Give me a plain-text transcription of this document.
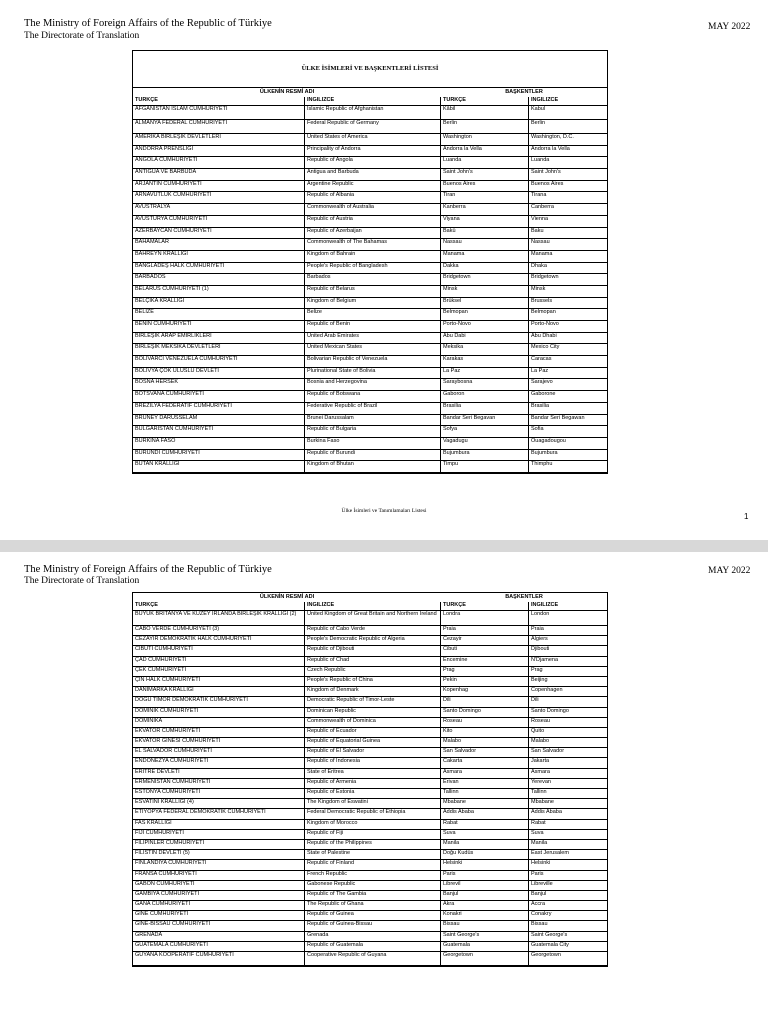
The Ministry of Foreign Affairs of the Republic of Türkiye
The Directorate of Translation
MAY 2022
ÜLKE İSİMLERİ VE BAŞKENTLERİ LİSTESİ
ÜLKENİN RESMİ ADI	BAŞKENTLER
TÜRKÇE	İNGİLİZCE	TÜRKÇE	İNGİLİZCE
AFGANİSTAN İSLAM CUMHURİYETİ	Islamic Republic of Afghanistan	Kâbil	Kabul
ALMANYA FEDERAL CUMHURİYETİ	Federal Republic of Germany	Berlin	Berlin
AMERİKA BİRLEŞİK DEVLETLERİ	United States of America	Washington	Washington, D.C.
ANDORRA PRENSLİĞİ	Principality of Andorra	Andorra la Vella	Andorra la Vella
ANGOLA CUMHURİYETİ	Republic of Angola	Luanda	Luanda
ANTİGUA VE BARBUDA	Antigua and Barbuda	Saint John's	Saint John's
ARJANTİN CUMHURİYETİ	Argentine Republic	Buenos Aires	Buenos Aires
ARNAVUTLUK CUMHURİYETİ	Republic of Albania	Tiran	Tirana
AVUSTRALYA	Commonwealth of Australia	Kanberra	Canberra
AVUSTURYA CUMHURİYETİ	Republic of Austria	Viyana	Vienna
AZERBAYCAN CUMHURİYETİ	Republic of Azerbaijan	Bakü	Baku
BAHAMALAR	Commonwealth of The Bahamas	Nassau	Nassau
BAHREYN KRALLIĞI	Kingdom of Bahrain	Manama	Manama
BANGLADEŞ HALK CUMHURİYETİ	People's Republic of Bangladesh	Dakka	Dhaka
BARBADOS	Barbados	Bridgetown	Bridgetown
BELARUS CUMHURİYETİ (1)	Republic of Belarus	Minsk	Minsk
BELÇİKA KRALLIĞI	Kingdom of Belgium	Brüksel	Brussels
BELİZE	Belize	Belmopan	Belmopan
BENİN CUMHURİYETİ	Republic of Benin	Porto-Novo	Porto-Novo
BİRLEŞİK ARAP EMİRLİKLERİ	United Arab Emirates	Abu Dabi	Abu Dhabi
BİRLEŞİK MEKSİKA DEVLETLERİ	United Mexican States	Meksika	Mexico City
BOLİVARCI VENEZUELA CUMHURİYETİ	Bolivarian Republic of Venezuela	Karakas	Caracas
BOLİVYA ÇOK ULUSLU DEVLETİ	Plurinational State of Bolivia	La Paz	La Paz
BOSNA HERSEK	Bosnia and Herzegovina	Saraybosna	Sarajevo
BOTSVANA CUMHURİYETİ	Republic of Botswana	Gaboron	Gaborone
BREZİLYA FEDERATİF CUMHURİYETİ	Federative Republic of Brazil	Brasilia	Brasilia
BRUNEY DARUSSELAM	Brunei Darussalam	Bandar Seri Begavan	Bandar Seri Begawan
BULGARİSTAN CUMHURİYETİ	Republic of Bulgaria	Sofya	Sofia
BURKİNA FASO	Burkina Faso	Vagadugu	Ouagadougou
BURUNDİ CUMHURİYETİ	Republic of Burundi	Bujumbura	Bujumbura
BUTAN KRALLIĞI	Kingdom of Bhutan	Timpu	Thimphu
Ülke İsimleri ve Tanımlamaları Listesi
1
The Ministry of Foreign Affairs of the Republic of Türkiye
The Directorate of Translation
MAY 2022
ÜLKENİN RESMİ ADI	BAŞKENTLER
TÜRKÇE	İNGİLİZCE	TÜRKÇE	İNGİLİZCE
BÜYÜK BRİTANYA VE KUZEY İRLANDA BİRLEŞİK KRALLIĞI (2)	United Kingdom of Great Britain and Northern Ireland	Londra	London
CABO VERDE CUMHURİYETİ (3)	Republic of Cabo Verde	Praia	Praia
CEZAYİR DEMOKRATİK HALK CUMHURİYETİ	People's Democratic Republic of Algeria	Cezayir	Algiers
CİBUTİ CUMHURİYETİ	Republic of Djibouti	Cibuti	Djibouti
ÇAD CUMHURİYETİ	Republic of Chad	Encemine	N'Djamena
ÇEK CUMHURİYETİ	Czech Republic	Prag	Prag
ÇİN HALK CUMHURİYETİ	People's Republic of China	Pekin	Beijing
DANİMARKA KRALLIĞI	Kingdom of Denmark	Kopenhag	Copenhagen
DOĞU TİMOR DEMOKRATİK CUMHURİYETİ	Democratic Republic of Timor-Leste	Dili	Dili
DOMİNİK CUMHURİYETİ	Dominican Republic	Santo Domingo	Santo Domingo
DOMİNİKA	Commonwealth of Dominica	Roseau	Roseau
EKVATOR CUMHURİYETİ	Republic of Ecuador	Kito	Quito
EKVATOR GİNESİ CUMHURİYETİ	Republic of Equatorial Guinea	Malabo	Malabo
EL SALVADOR CUMHURİYETİ	Republic of El Salvador	San Salvador	San Salvador
ENDONEZYA CUMHURİYETİ	Republic of Indonesia	Cakarta	Jakarta
ERİTRE DEVLETİ	State of Eritrea	Asmara	Asmara
ERMENİSTAN CUMHURİYETİ	Republic of Armenia	Erivan	Yerevan
ESTONYA CUMHURİYETİ	Republic of Estonia	Tallinn	Tallinn
ESVATİNİ KRALLIĞI (4)	The Kingdom of Eswatini	Mbabane	Mbabane
ETİYOPYA FEDERAL DEMOKRATİK CUMHURİYETİ	Federal Democratic Republic of Ethiopia	Addis Ababa	Addis Ababa
FAS KRALLIĞI	Kingdom of Morocco	Rabat	Rabat
FİJİ CUMHURİYETİ	Republic of Fiji	Suva	Suva
FİLİPİNLER CUMHURİYETİ	Republic of the Philippines	Manila	Manila
FİLİSTİN DEVLETİ (5)	State of Palestine	Doğu Kudüs	East Jerusalem
FİNLANDİYA CUMHURİYETİ	Republic of Finland	Helsinki	Helsinki
FRANSA CUMHURİYETİ	French Republic	Paris	Paris
GABON CUMHURİYETİ	Gabonese Republic	Librevil	Libreville
GAMBİYA CUMHURİYETİ	Republic of The Gambia	Banjul	Banjul
GANA CUMHURİYETİ	The Republic of Ghana	Akra	Accra
GİNE CUMHURİYETİ	Republic of Guinea	Konakri	Conakry
GİNE-BİSSAU CUMHURİYETİ	Republic of Guinea-Bissau	Bissau	Bissau
GRENADA	Grenada	Saint George's	Saint George's
GUATEMALA CUMHURİYETİ	Republic of Guatemala	Guatemala	Guatemala City
GUYANA KOOPERATİF CUMHURİYETİ	Cooperative Republic of Guyana	Georgetown	Georgetown
